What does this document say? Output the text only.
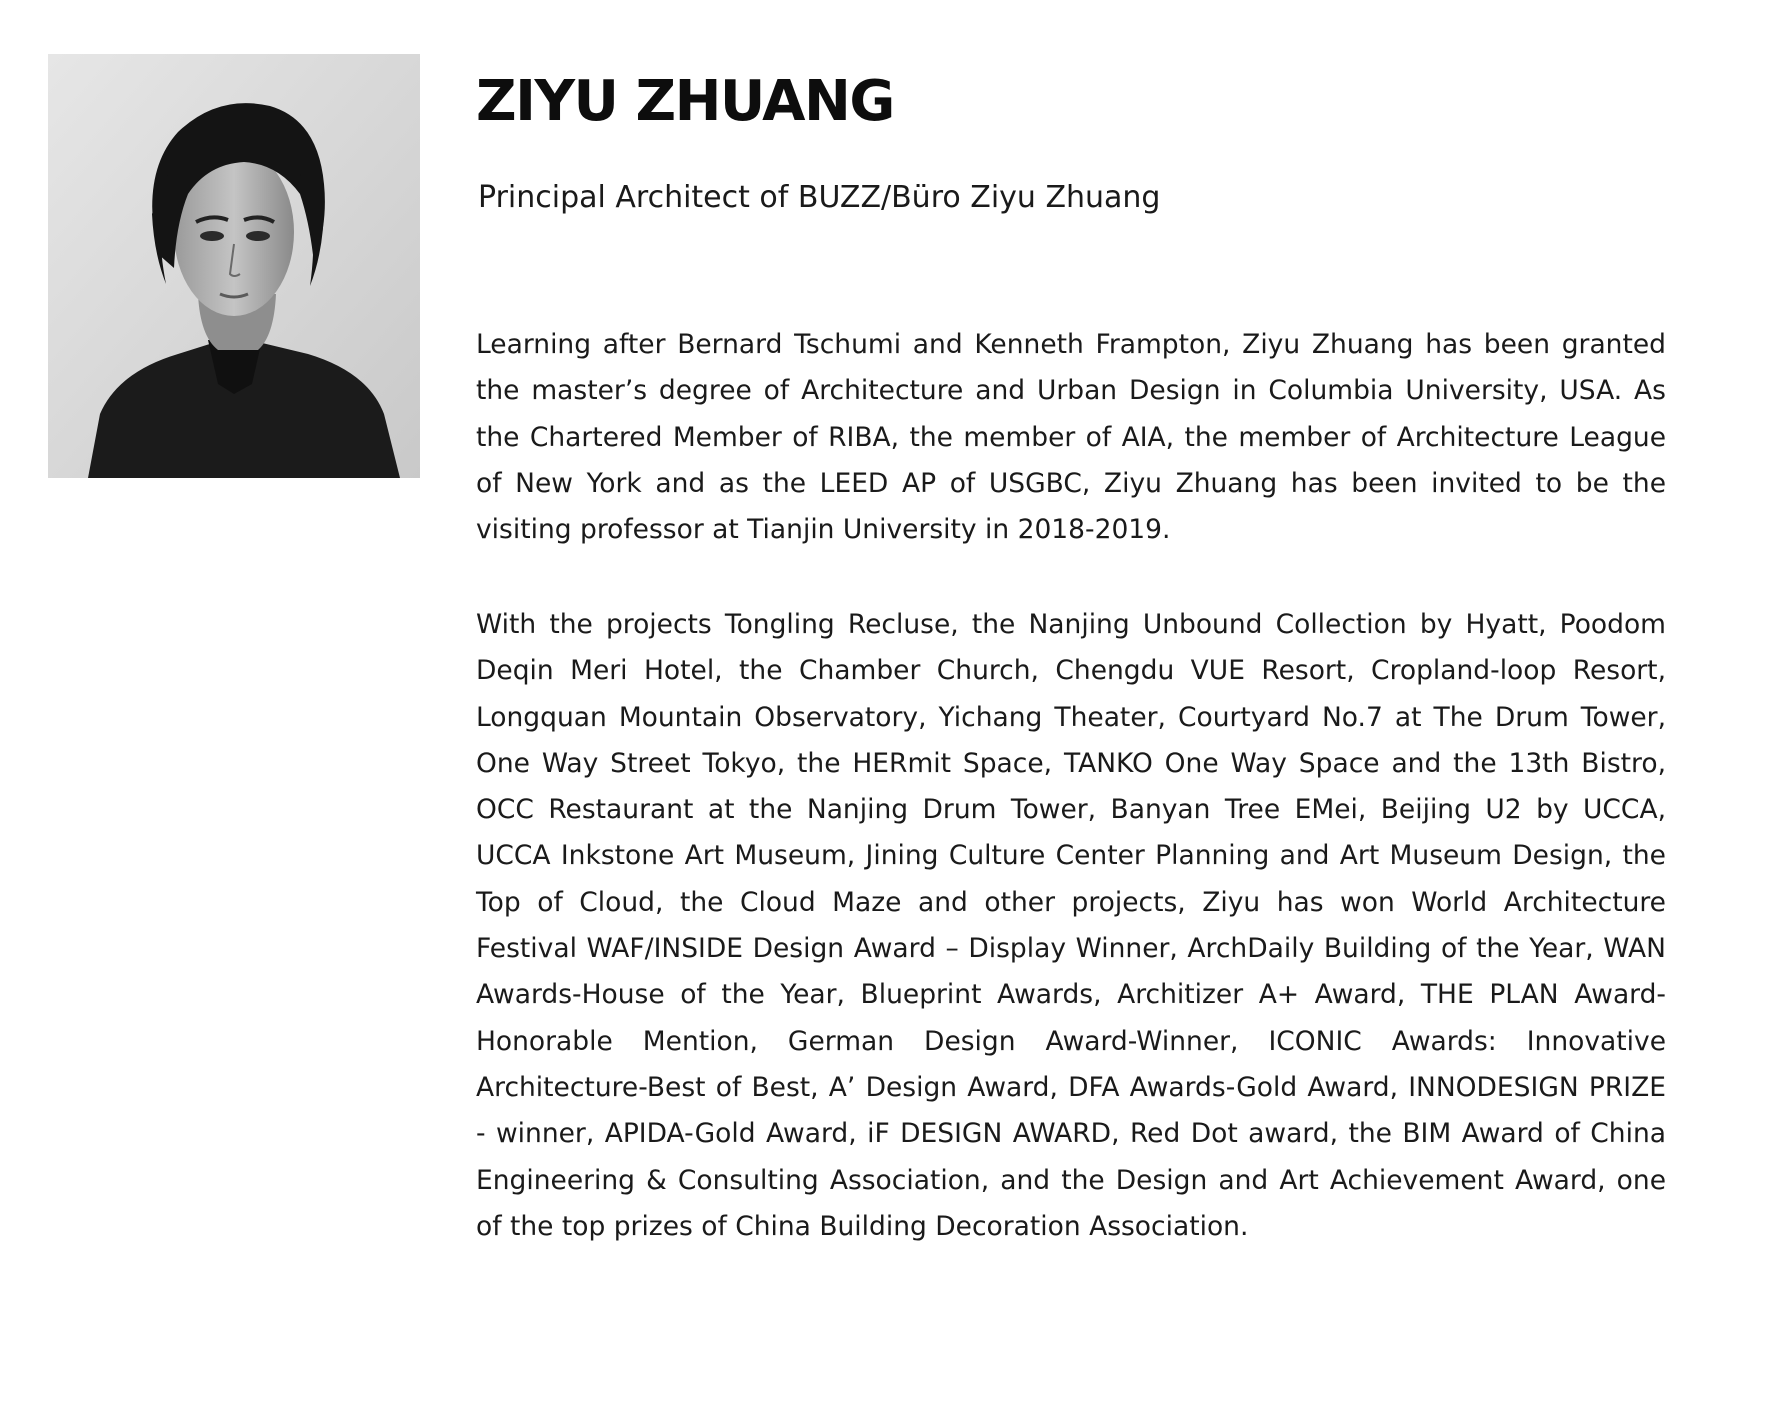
ZIYU ZHUANG

Principal Architect of BUZZ/Büro Ziyu Zhuang

Learning after Bernard Tschumi and Kenneth Frampton, Ziyu Zhuang has been granted the master’s degree of Architecture and Urban Design in Columbia University, USA. As the Chartered Member of RIBA, the member of AIA, the member of Architecture League of New York and as the LEED AP of USGBC, Ziyu Zhuang has been invited to be the visiting professor at Tianjin University in 2018-2019.

With the projects Tongling Recluse, the Nanjing Unbound Collection by Hyatt, Poodom Deqin Meri Hotel, the Chamber Church, Chengdu VUE Resort, Cropland-loop Resort, Longquan Mountain Observatory, Yichang Theater, Courtyard No.7 at The Drum Tower, One Way Street Tokyo, the HERmit Space, TANKO One Way Space and the 13th Bistro, OCC Restaurant at the Nanjing Drum Tower, Banyan Tree EMei, Beijing U2 by UCCA, UCCA Inkstone Art Museum, Jining Culture Center Planning and Art Museum Design, the Top of Cloud, the Cloud Maze and other projects, Ziyu has won World Architecture Festival WAF/INSIDE Design Award – Display Winner, ArchDaily Building of the Year, WAN Awards-House of the Year, Blueprint Awards, Architizer A+ Award, THE PLAN Award-Honorable Mention, German Design Award-Winner, ICONIC Awards: Innovative Architecture-Best of Best, A’ Design Award, DFA Awards-Gold Award, INNODESIGN PRIZE - winner, APIDA-Gold Award, iF DESIGN AWARD, Red Dot award, the BIM Award of China Engineering & Consulting Association, and the Design and Art Achievement Award, one of the top prizes of China Building Decoration Association.
